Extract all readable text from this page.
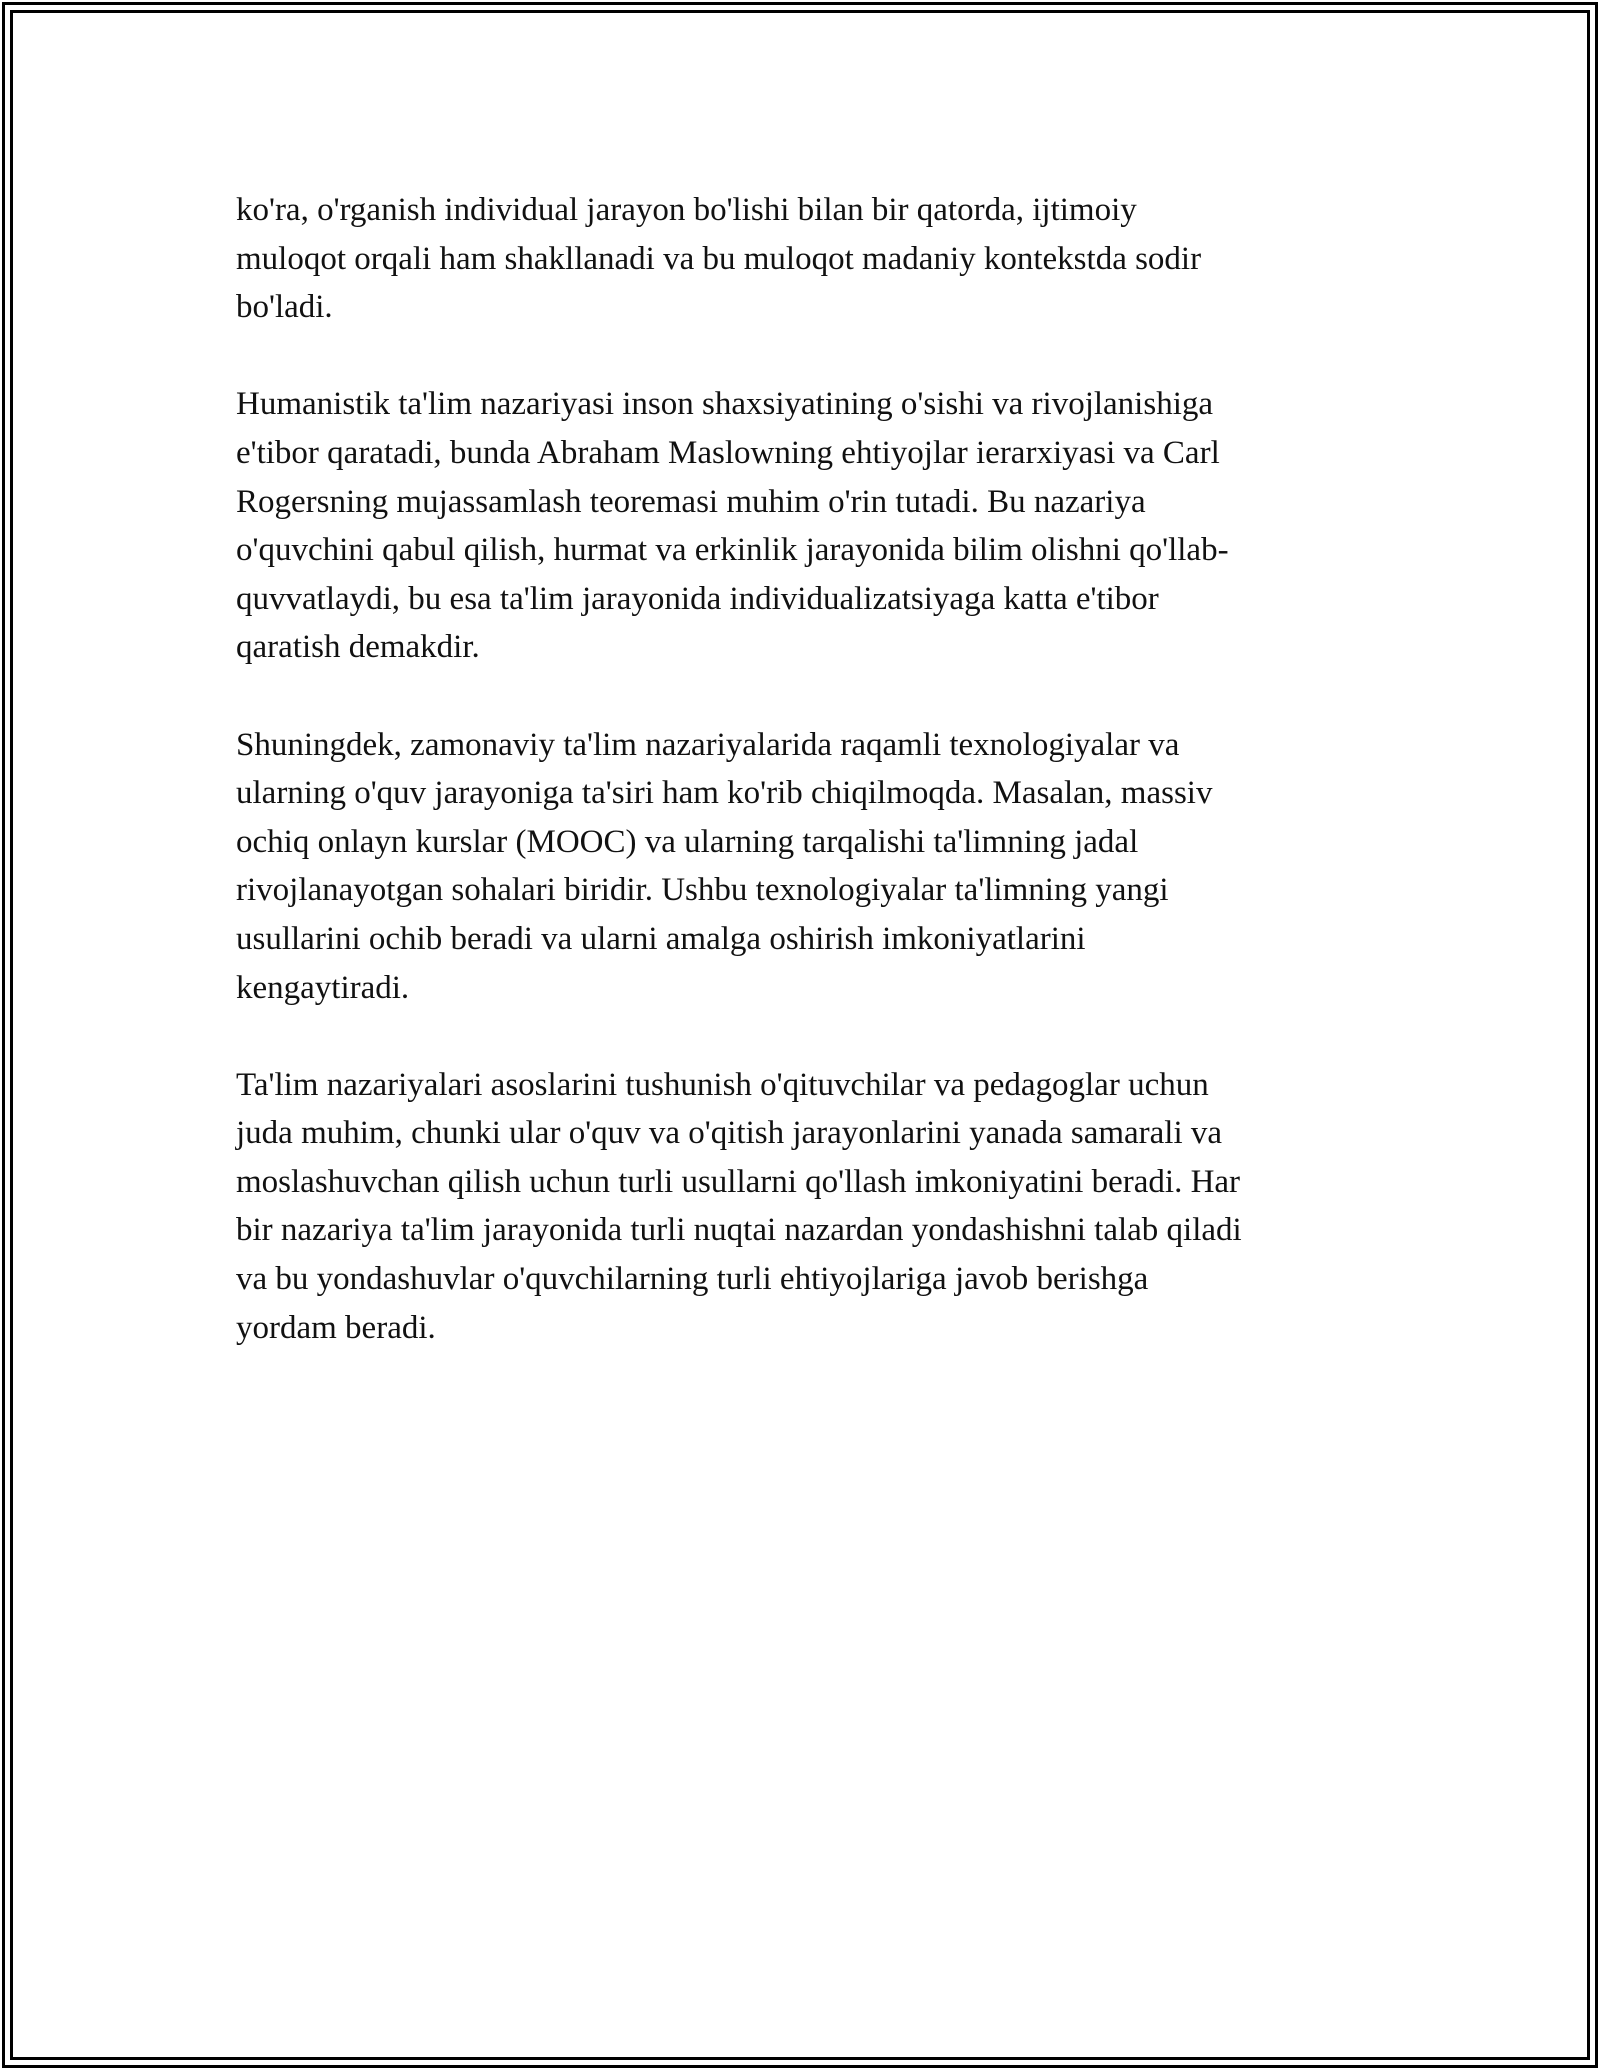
ko'ra, o'rganish individual jarayon bo'lishi bilan bir qatorda, ijtimoiy
muloqot orqali ham shakllanadi va bu muloqot madaniy kontekstda sodir
bo'ladi.

Humanistik ta'lim nazariyasi inson shaxsiyatining o'sishi va rivojlanishiga
e'tibor qaratadi, bunda Abraham Maslowning ehtiyojlar ierarxiyasi va Carl
Rogersning mujassamlash teoremasi muhim o'rin tutadi. Bu nazariya
o'quvchini qabul qilish, hurmat va erkinlik jarayonida bilim olishni qo'llab-
quvvatlaydi, bu esa ta'lim jarayonida individualizatsiyaga katta e'tibor
qaratish demakdir.

Shuningdek, zamonaviy ta'lim nazariyalarida raqamli texnologiyalar va
ularning o'quv jarayoniga ta'siri ham ko'rib chiqilmoqda. Masalan, massiv
ochiq onlayn kurslar (MOOC) va ularning tarqalishi ta'limning jadal
rivojlanayotgan sohalari biridir. Ushbu texnologiyalar ta'limning yangi
usullarini ochib beradi va ularni amalga oshirish imkoniyatlarini
kengaytiradi.

Ta'lim nazariyalari asoslarini tushunish o'qituvchilar va pedagoglar uchun
juda muhim, chunki ular o'quv va o'qitish jarayonlarini yanada samarali va
moslashuvchan qilish uchun turli usullarni qo'llash imkoniyatini beradi. Har
bir nazariya ta'lim jarayonida turli nuqtai nazardan yondashishni talab qiladi
va bu yondashuvlar o'quvchilarning turli ehtiyojlariga javob berishga
yordam beradi.
